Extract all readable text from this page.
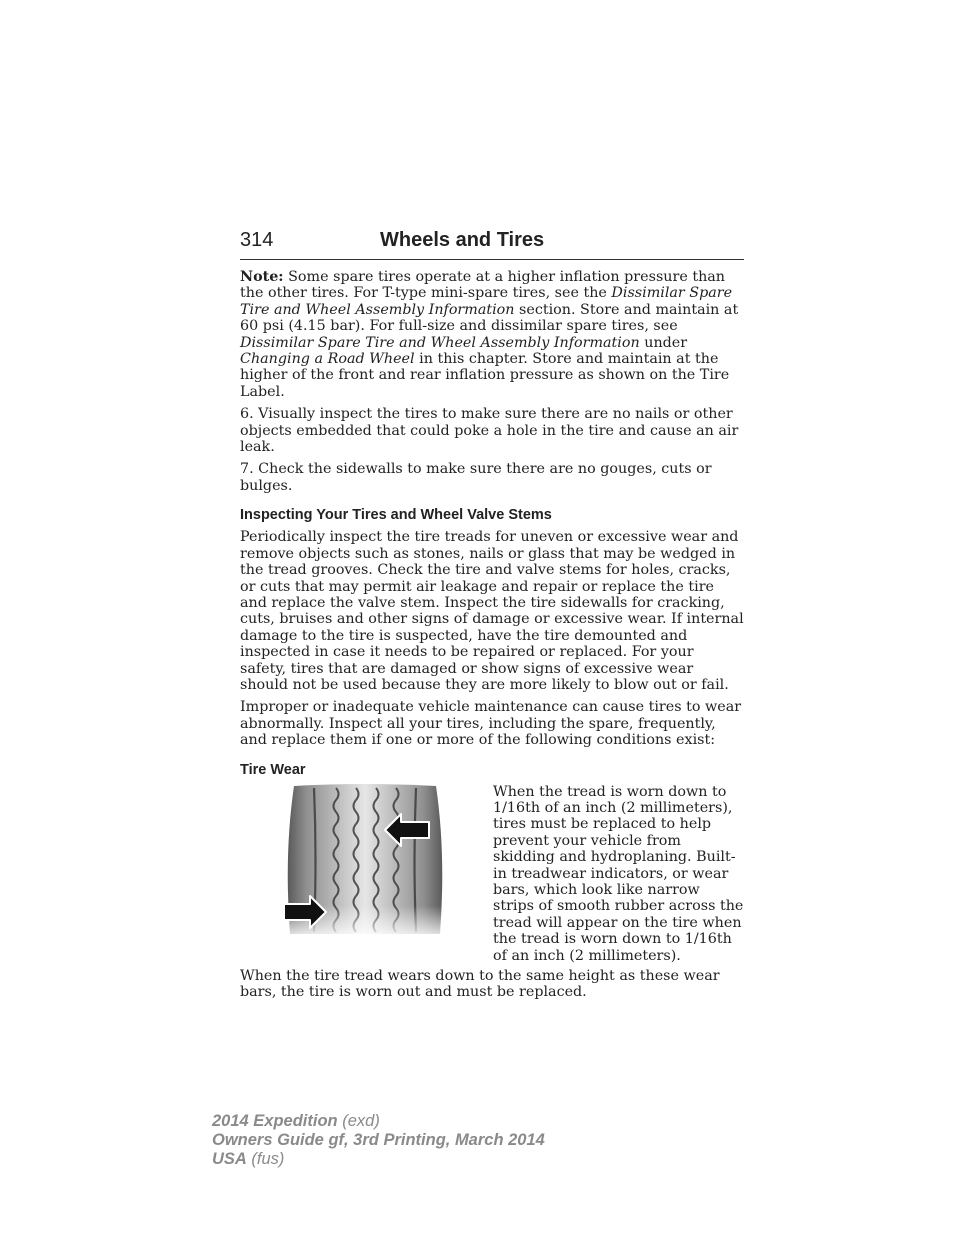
314	Wheels and Tires

Note: Some spare tires operate at a higher inflation pressure than the other tires. For T-type mini-spare tires, see the Dissimilar Spare Tire and Wheel Assembly Information section. Store and maintain at 60 psi (4.15 bar). For full-size and dissimilar spare tires, see Dissimilar Spare Tire and Wheel Assembly Information under Changing a Road Wheel in this chapter. Store and maintain at the higher of the front and rear inflation pressure as shown on the Tire Label.

6. Visually inspect the tires to make sure there are no nails or other objects embedded that could poke a hole in the tire and cause an air leak.

7. Check the sidewalls to make sure there are no gouges, cuts or bulges.

Inspecting Your Tires and Wheel Valve Stems

Periodically inspect the tire treads for uneven or excessive wear and remove objects such as stones, nails or glass that may be wedged in the tread grooves. Check the tire and valve stems for holes, cracks, or cuts that may permit air leakage and repair or replace the tire and replace the valve stem. Inspect the tire sidewalls for cracking, cuts, bruises and other signs of damage or excessive wear. If internal damage to the tire is suspected, have the tire demounted and inspected in case it needs to be repaired or replaced. For your safety, tires that are damaged or show signs of excessive wear should not be used because they are more likely to blow out or fail.

Improper or inadequate vehicle maintenance can cause tires to wear abnormally. Inspect all your tires, including the spare, frequently, and replace them if one or more of the following conditions exist:

Tire Wear
When the tread is worn down to 1/16th of an inch (2 millimeters), tires must be replaced to help prevent your vehicle from skidding and hydroplaning. Built-in treadwear indicators, or wear bars, which look like narrow strips of smooth rubber across the tread will appear on the tire when the tread is worn down to 1/16th of an inch (2 millimeters).

When the tire tread wears down to the same height as these wear bars, the tire is worn out and must be replaced.

2014 Expedition (exd)
Owners Guide gf, 3rd Printing, March 2014
USA (fus)
